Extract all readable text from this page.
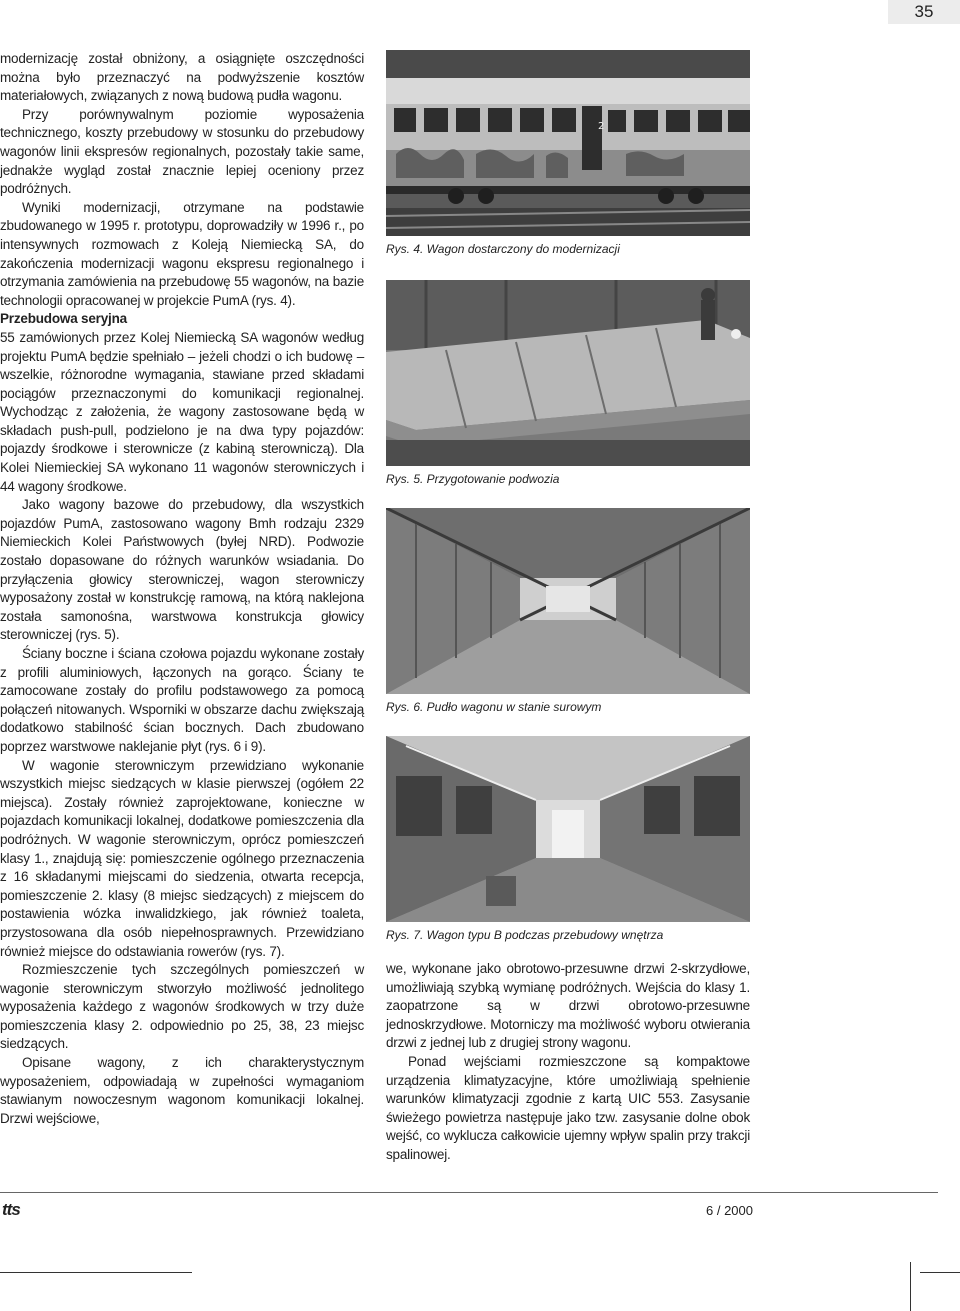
35

modernizację został obniżony, a osiągnięte oszczędności można było przeznaczyć na podwyższenie kosztów materiałowych, związanych z nową budową pudła wagonu.

Przy porównywalnym poziomie wyposażenia technicznego, koszty przebudowy w stosunku do przebudowy wagonów linii ekspresów regionalnych, pozostały takie same, jednakże wygląd został znacznie lepiej oceniony przez podróżnych.

Wyniki modernizacji, otrzymane na podstawie zbudowanego w 1995 r. prototypu, doprowadziły w 1996 r., po intensywnych rozmowach z Koleją Niemiecką SA, do zakończenia modernizacji wagonu ekspresu regionalnego i otrzymania zamówienia na przebudowę 55 wagonów, na bazie technologii opracowanej w projekcie PumA (rys. 4).

Przebudowa seryjna

55 zamówionych przez Kolej Niemiecką SA wagonów według projektu PumA będzie spełniało – jeżeli chodzi o ich budowę – wszelkie, różnorodne wymagania, stawiane przed składami pociągów przeznaczonymi do komunikacji regionalnej. Wychodząc z założenia, że wagony zastosowane będą w składach push-pull, podzielono je na dwa typy pojazdów: pojazdy środkowe i sterownicze (z kabiną sterowniczą). Dla Kolei Niemieckiej SA wykonano 11 wagonów sterowniczych i 44 wagony środkowe.

Jako wagony bazowe do przebudowy, dla wszystkich pojazdów PumA, zastosowano wagony Bmh rodzaju 2329 Niemieckich Kolei Państwowych (byłej NRD). Podwozie zostało dopasowane do różnych warunków wsiadania. Do przyłączenia głowicy sterowniczej, wagon sterowniczy wyposażony został w konstrukcję ramową, na którą naklejona została samonośna, warstwowa konstrukcja głowicy sterowniczej (rys. 5).

Ściany boczne i ściana czołowa pojazdu wykonane zostały z profili aluminiowych, łączonych na gorąco. Ściany te zamocowane zostały do profilu podstawowego za pomocą połączeń nitowanych. Wsporniki w obszarze dachu zwiększają dodatkowo stabilność ścian bocznych. Dach zbudowano poprzez warstwowe naklejanie płyt (rys. 6 i 9).

W wagonie sterowniczym przewidziano wykonanie wszystkich miejsc siedzących w klasie pierwszej (ogółem 22 miejsca). Zostały również zaprojektowane, konieczne w pojazdach komunikacji lokalnej, dodatkowe pomieszczenia dla podróżnych. W wagonie sterowniczym, oprócz pomieszczeń klasy 1., znajdują się: pomieszczenie ogólnego przeznaczenia z 16 składanymi miejscami do siedzenia, otwarta recepcja, pomieszczenie 2. klasy (8 miejsc siedzących) z miejscem do postawienia wózka inwalidzkiego, jak również toaleta, przystosowana dla osób niepełnosprawnych. Przewidziano również miejsce do odstawiania rowerów (rys. 7).

Rozmieszczenie tych szczególnych pomieszczeń w wagonie sterowniczym stworzyło możliwość jednolitego wyposażenia każdego z wagonów środkowych w trzy duże pomieszczenia klasy 2. odpowiednio po 25, 38, 23 miejsc siedzących.

Opisane wagony, z ich charakterystycznym wyposażeniem, odpowiadają w zupełności wymaganiom stawianym nowoczesnym wagonom komunikacji lokalnej. Drzwi wejściowe,

2
Rys. 4. Wagon dostarczony do modernizacji
Rys. 5. Przygotowanie podwozia
Rys. 6. Pudło wagonu w stanie surowym
Rys. 7. Wagon typu B podczas przebudowy wnętrza

we, wykonane jako obrotowo-przesuwne drzwi 2-skrzydłowe, umożliwiają szybką wymianę podróżnych. Wejścia do klasy 1. zaopatrzone są w drzwi obrotowo-przesuwne jednoskrzydłowe. Motorniczy ma możliwość wyboru otwierania drzwi z jednej lub z drugiej strony wagonu.

Ponad wejściami rozmieszczone są kompaktowe urządzenia klimatyzacyjne, które umożliwiają spełnienie warunków klimatyzacji zgodnie z kartą UIC 553. Zasysanie świeżego powietrza następuje jako tzw. zasysanie dolne obok wejść, co wyklucza całkowicie ujemny wpływ spalin przy trakcji spalinowej.

tts	6 / 2000
